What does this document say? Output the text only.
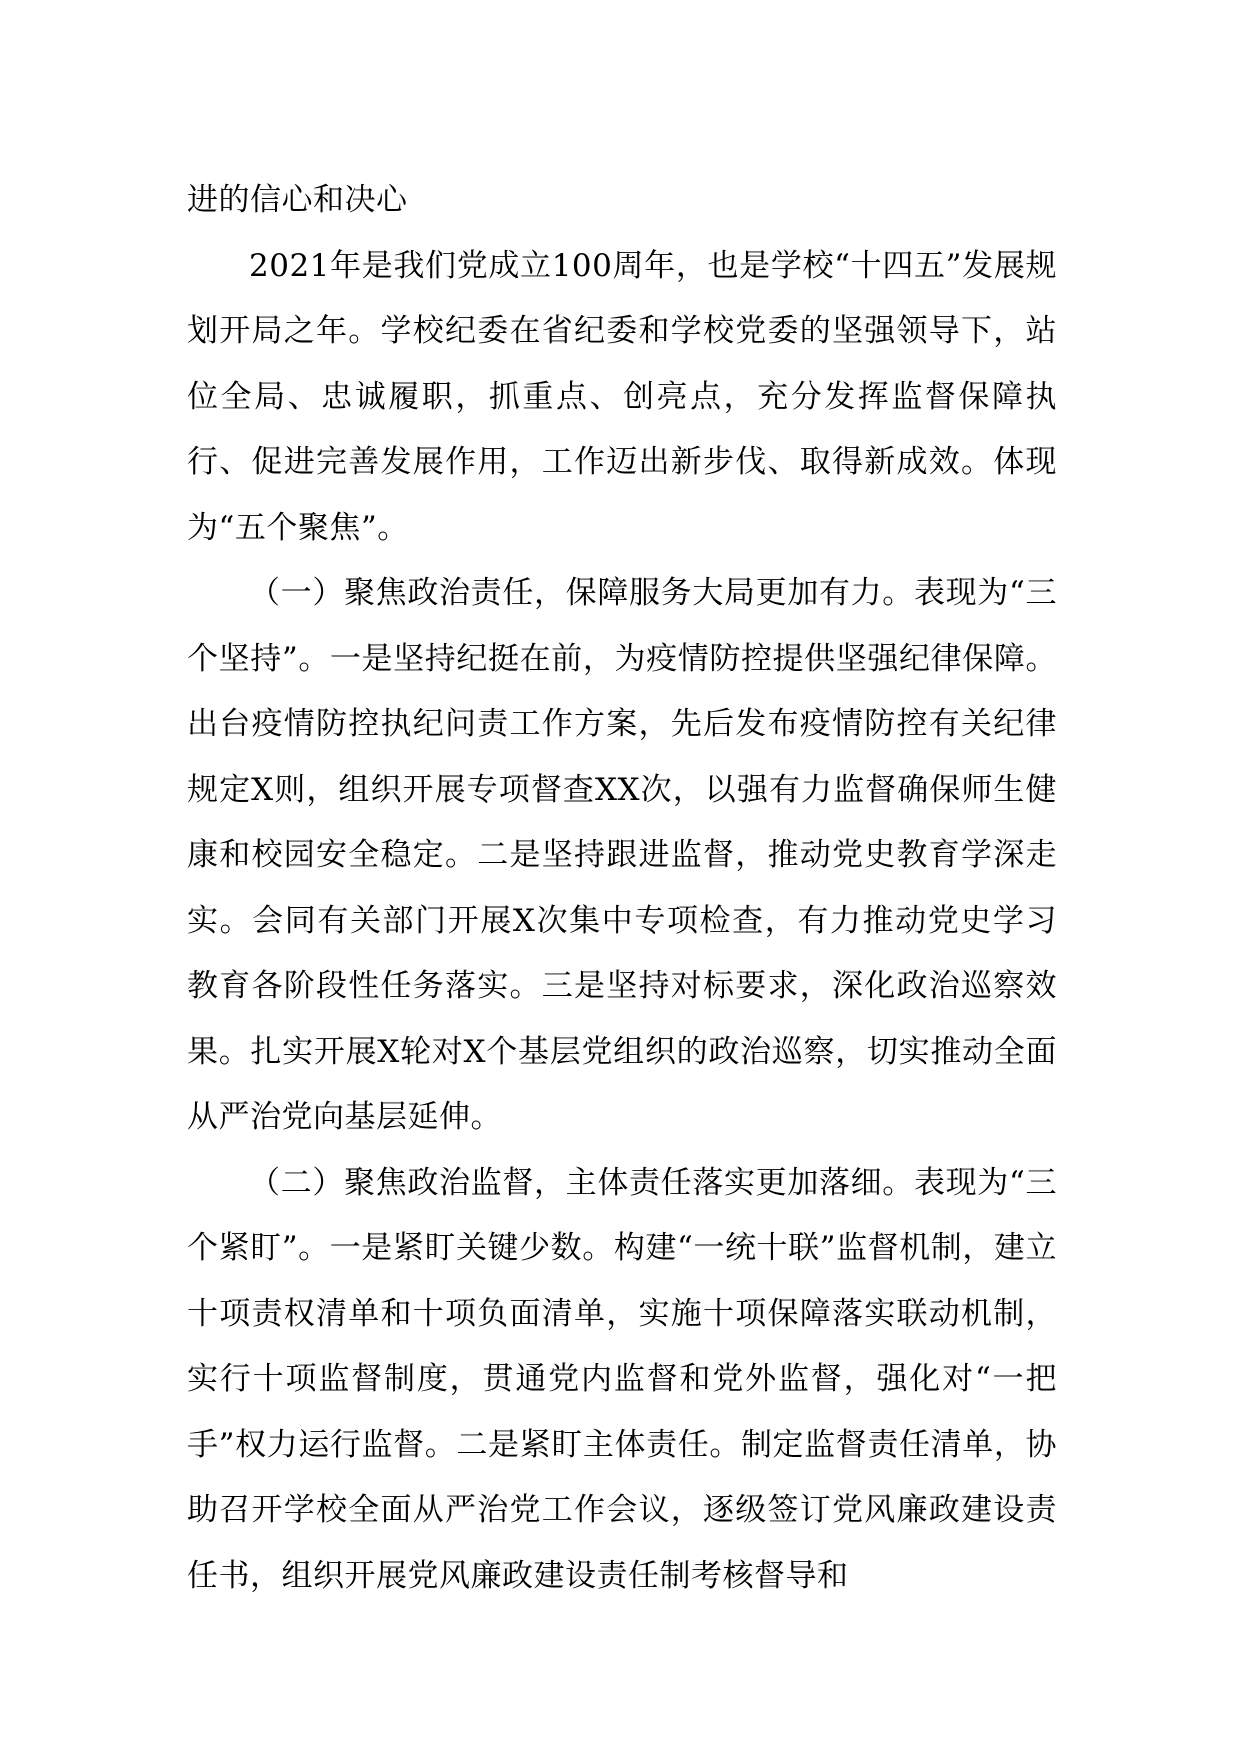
进的信心和决心

2021年是我们党成立100周年，也是学校“十四五”发展规划开局之年。学校纪委在省纪委和学校党委的坚强领导下，站位全局、忠诚履职，抓重点、创亮点，充分发挥监督保障执行、促进完善发展作用，工作迈出新步伐、取得新成效。体现为“五个聚焦”。

（一）聚焦政治责任，保障服务大局更加有力。表现为“三个坚持”。一是坚持纪挺在前，为疫情防控提供坚强纪律保障。出台疫情防控执纪问责工作方案，先后发布疫情防控有关纪律规定X则，组织开展专项督查XX次，以强有力监督确保师生健康和校园安全稳定。二是坚持跟进监督，推动党史教育学深走实。会同有关部门开展X次集中专项检查，有力推动党史学习教育各阶段性任务落实。三是坚持对标要求，深化政治巡察效果。扎实开展X轮对X个基层党组织的政治巡察，切实推动全面从严治党向基层延伸。

（二）聚焦政治监督，主体责任落实更加落细。表现为“三个紧盯”。一是紧盯关键少数。构建“一统十联”监督机制，建立十项责权清单和十项负面清单，实施十项保障落实联动机制，实行十项监督制度，贯通党内监督和党外监督，强化对“一把手”权力运行监督。二是紧盯主体责任。制定监督责任清单，协助召开学校全面从严治党工作会议，逐级签订党风廉政建设责任书，组织开展党风廉政建设责任制考核督导和
